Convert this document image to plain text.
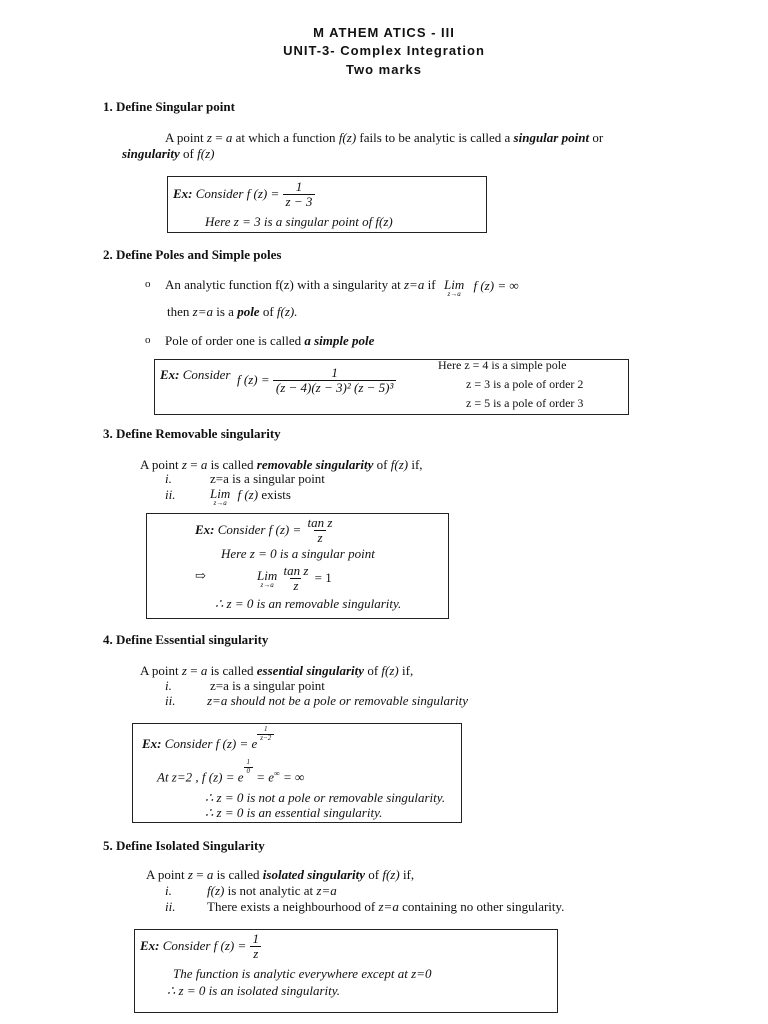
M ATHEM ATICS - III
UNIT-3- Complex Integration
Two marks
1. Define Singular point
A point z = a at which a function f(z) fails to be analytic is called a singular point or
singularity of f(z)
Ex: Consider f $(z) = \frac{1}{z - 3}$
Here z = 3 is a singular point of f(z)
2. Define Poles and Simple poles
o An analytic function f(z) with a singularity at z=a if Lim
z→a
f (z) = ∞
then z=a is a pole of f(z).
o Pole of order one is called a simple pole
Ex: Consider f $(z) = \frac{1}{\text{(z − 4)(z − 3)² (z − 5)³}}$
Here z = 4 is a simple pole
z = 3 is a pole of order 2
z = 5 is a pole of order 3
3. Define Removable singularity
A point z = a is called removable singularity of f(z) if,
i.	z=a is a singular point
ii.	Lim
z→a
f (z) exists
Ex: Consider f $(z) = \frac{\text{tan z}}{z}$
Here z = 0 is a singular point
⇨	Lim
z→a
$\frac{\text{tan z}}{z} = 1$
∴ z = 0 is an removable singularity.
4. Define Essential singularity
A point z = a is called essential singularity of f(z) if,
i.	z=a is a singular point
ii. z=a should not be a pole or removable singularity
Ex: Consider f (z) = e
$\frac{1}{z-2}$
At z=2 , f (z) = e
$\frac{1}{0}$
= e∞ = ∞
∴ z = 0 is not a pole or removable singularity.
∴ z = 0 is an essential singularity.
5. Define Isolated Singularity
A point z = a is called isolated singularity of f(z) if,
i.	f(z) is not analytic at z=a
ii. There exists a neighbourhood of z=a containing no other singularity.
Ex: Consider f $(z) = \frac{1}{z}$
The function is analytic everywhere except at z=0
∴ z = 0 is an isolated singularity.
